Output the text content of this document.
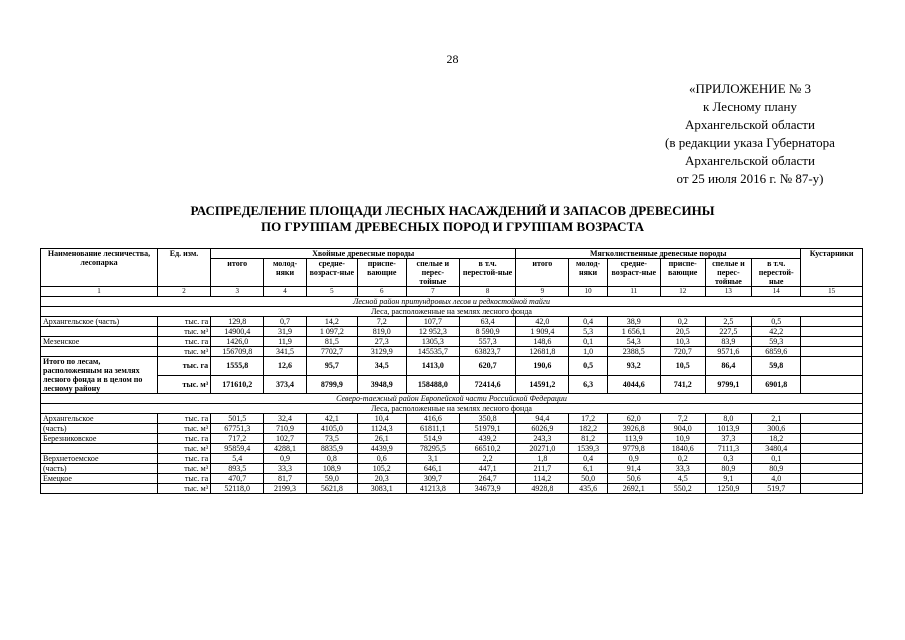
28
«ПРИЛОЖЕНИЕ № 3
к Лесному плану
Архангельской области
(в редакции указа Губернатора
Архангельской области
от 25 июля 2016 г. № 87-у)
РАСПРЕДЕЛЕНИЕ ПЛОЩАДИ ЛЕСНЫХ НАСАЖДЕНИЙ И ЗАПАСОВ ДРЕВЕСИНЫ
ПО ГРУППАМ ДРЕВЕСНЫХ ПОРОД И ГРУППАМ ВОЗРАСТА
Наименование лесничества, лесопарка	Ед. изм.	Хвойные древесные породы						Мягколиственные древесные породы						Кустарники
		итого	молод-няки	средне-возраст-ные	приспе-вающие	спелые и перес-тойные	в т.ч. перестой-ные	итого	молод-няки	средне-возраст-ные	приспе-вающие	спелые и перес-тойные	в т.ч. перестой-ные	
1	2	3	4	5	6	7	8	9	10	11	12	13	14	15
Лесной район притундровых лесов и редкостойной тайги														
Леса, расположенные на землях лесного фонда														
Архангельское (часть)	тыс. га	129,8	0,7	14,2	7,2	107,7	63,4	42,0	0,4	38,9	0,2	2,5	0,5	
	тыс. м³	14900,4	31,9	1 097,2	819,0	12 952,3	8 590,9	1 909,4	5,3	1 656,1	20,5	227,5	42,2	
Мезенское	тыс. га	1426,0	11,9	81,5	27,3	1305,3	557,3	148,6	0,1	54,3	10,3	83,9	59,3	
	тыс. м³	156709,8	341,5	7702,7	3129,9	145535,7	63823,7	12681,8	1,0	2388,5	720,7	9571,6	6859,6	
Итого по лесам, расположенным на землях лесного фонда и в целом по лесному району	тыс. га	1555,8	12,6	95,7	34,5	1413,0	620,7	190,6	0,5	93,2	10,5	86,4	59,8	
	тыс. м³	171610,2	373,4	8799,9	3948,9	158488,0	72414,6	14591,2	6,3	4044,6	741,2	9799,1	6901,8	
Северо-таежный район Европейской части Российской Федерации														
Леса, расположенные на землях лесного фонда														
Архангельское	тыс. га	501,5	32,4	42,1	10,4	416,6	350,8	94,4	17,2	62,0	7,2	8,0	2,1	
(часть)	тыс. м³	67751,3	710,9	4105,0	1124,3	61811,1	51979,1	6026,9	182,2	3926,8	904,0	1013,9	300,6	
Березниковское	тыс. га	717,2	102,7	73,5	26,1	514,9	439,2	243,3	81,2	113,9	10,9	37,3	18,2	
	тыс. м³	95859,4	4288,1	8835,9	4439,9	78295,5	66510,2	20271,0	1539,3	9779,8	1840,6	7111,3	3480,4	
Верхнетоемское	тыс. га	5,4	0,9	0,8	0,6	3,1	2,2	1,8	0,4	0,9	0,2	0,3	0,1	
(часть)	тыс. м³	893,5	33,3	108,9	105,2	646,1	447,1	211,7	6,1	91,4	33,3	80,9	80,9	
Емецкое	тыс. га	470,7	81,7	59,0	20,3	309,7	264,7	114,2	50,0	50,6	4,5	9,1	4,0	
	тыс. м³	52118,0	2199,3	5621,8	3083,1	41213,8	34673,9	4928,8	435,6	2692,1	550,2	1250,9	519,7	
